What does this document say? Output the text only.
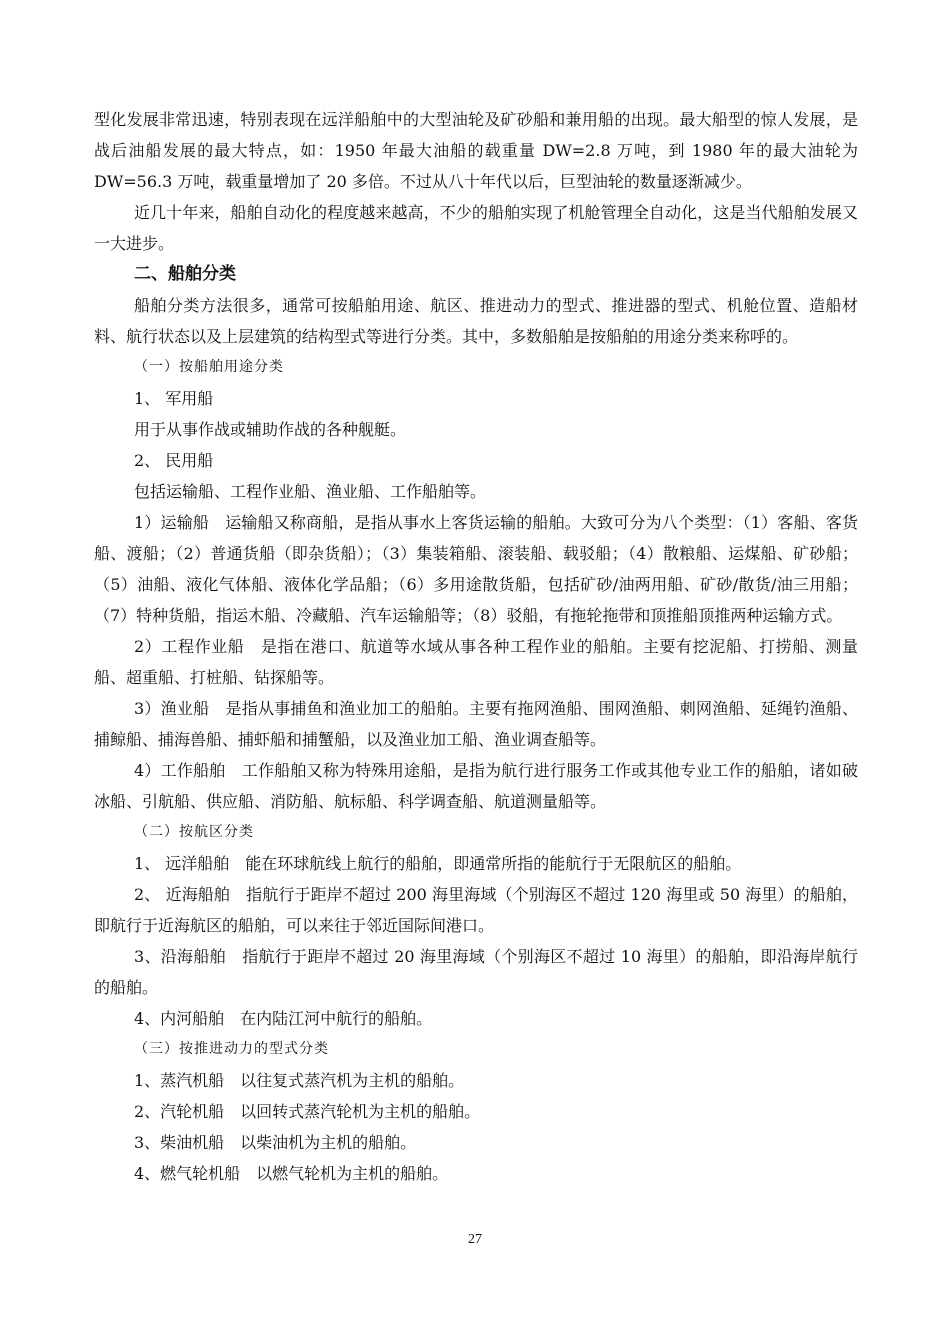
型化发展非常迅速，特别表现在远洋船舶中的大型油轮及矿砂船和兼用船的出现。最大船型的惊人发展，是战后油船发展的最大特点，如：1950 年最大油船的载重量 DW=2.8 万吨，到 1980 年的最大油轮为 DW=56.3 万吨，载重量增加了 20 多倍。不过从八十年代以后，巨型油轮的数量逐渐减少。

近几十年来，船舶自动化的程度越来越高，不少的船舶实现了机舱管理全自动化，这是当代船舶发展又一大进步。

二、船舶分类

船舶分类方法很多，通常可按船舶用途、航区、推进动力的型式、推进器的型式、机舱位置、造船材料、航行状态以及上层建筑的结构型式等进行分类。其中，多数船舶是按船舶的用途分类来称呼的。

（一）按船舶用途分类

1、 军用船

用于从事作战或辅助作战的各种舰艇。

2、 民用船

包括运输船、工程作业船、渔业船、工作船舶等。

1）运输船　运输船又称商船，是指从事水上客货运输的船舶。大致可分为八个类型：（1）客船、客货船、渡船；（2）普通货船（即杂货船）；（3）集装箱船、滚装船、载驳船；（4）散粮船、运煤船、矿砂船；（5）油船、液化气体船、液体化学品船；（6）多用途散货船，包括矿砂/油两用船、矿砂/散货/油三用船；（7）特种货船，指运木船、冷藏船、汽车运输船等；（8）驳船，有拖轮拖带和顶推船顶推两种运输方式。

2）工程作业船　是指在港口、航道等水域从事各种工程作业的船舶。主要有挖泥船、打捞船、测量船、超重船、打桩船、钻探船等。

3）渔业船　是指从事捕鱼和渔业加工的船舶。主要有拖网渔船、围网渔船、刺网渔船、延绳钓渔船、捕鲸船、捕海兽船、捕虾船和捕蟹船，以及渔业加工船、渔业调查船等。

4）工作船舶　工作船舶又称为特殊用途船，是指为航行进行服务工作或其他专业工作的船舶，诸如破冰船、引航船、供应船、消防船、航标船、科学调查船、航道测量船等。

（二）按航区分类

1、 远洋船舶　能在环球航线上航行的船舶，即通常所指的能航行于无限航区的船舶。

2、 近海船舶　指航行于距岸不超过 200 海里海域（个别海区不超过 120 海里或 50 海里）的船舶，即航行于近海航区的船舶，可以来往于邻近国际间港口。

3、沿海船舶　指航行于距岸不超过 20 海里海域（个别海区不超过 10 海里）的船舶，即沿海岸航行的船舶。

4、内河船舶　在内陆江河中航行的船舶。

（三）按推进动力的型式分类

1、蒸汽机船　以往复式蒸汽机为主机的船舶。

2、汽轮机船　以回转式蒸汽轮机为主机的船舶。

3、柴油机船　以柴油机为主机的船舶。

4、燃气轮机船　以燃气轮机为主机的船舶。

27
